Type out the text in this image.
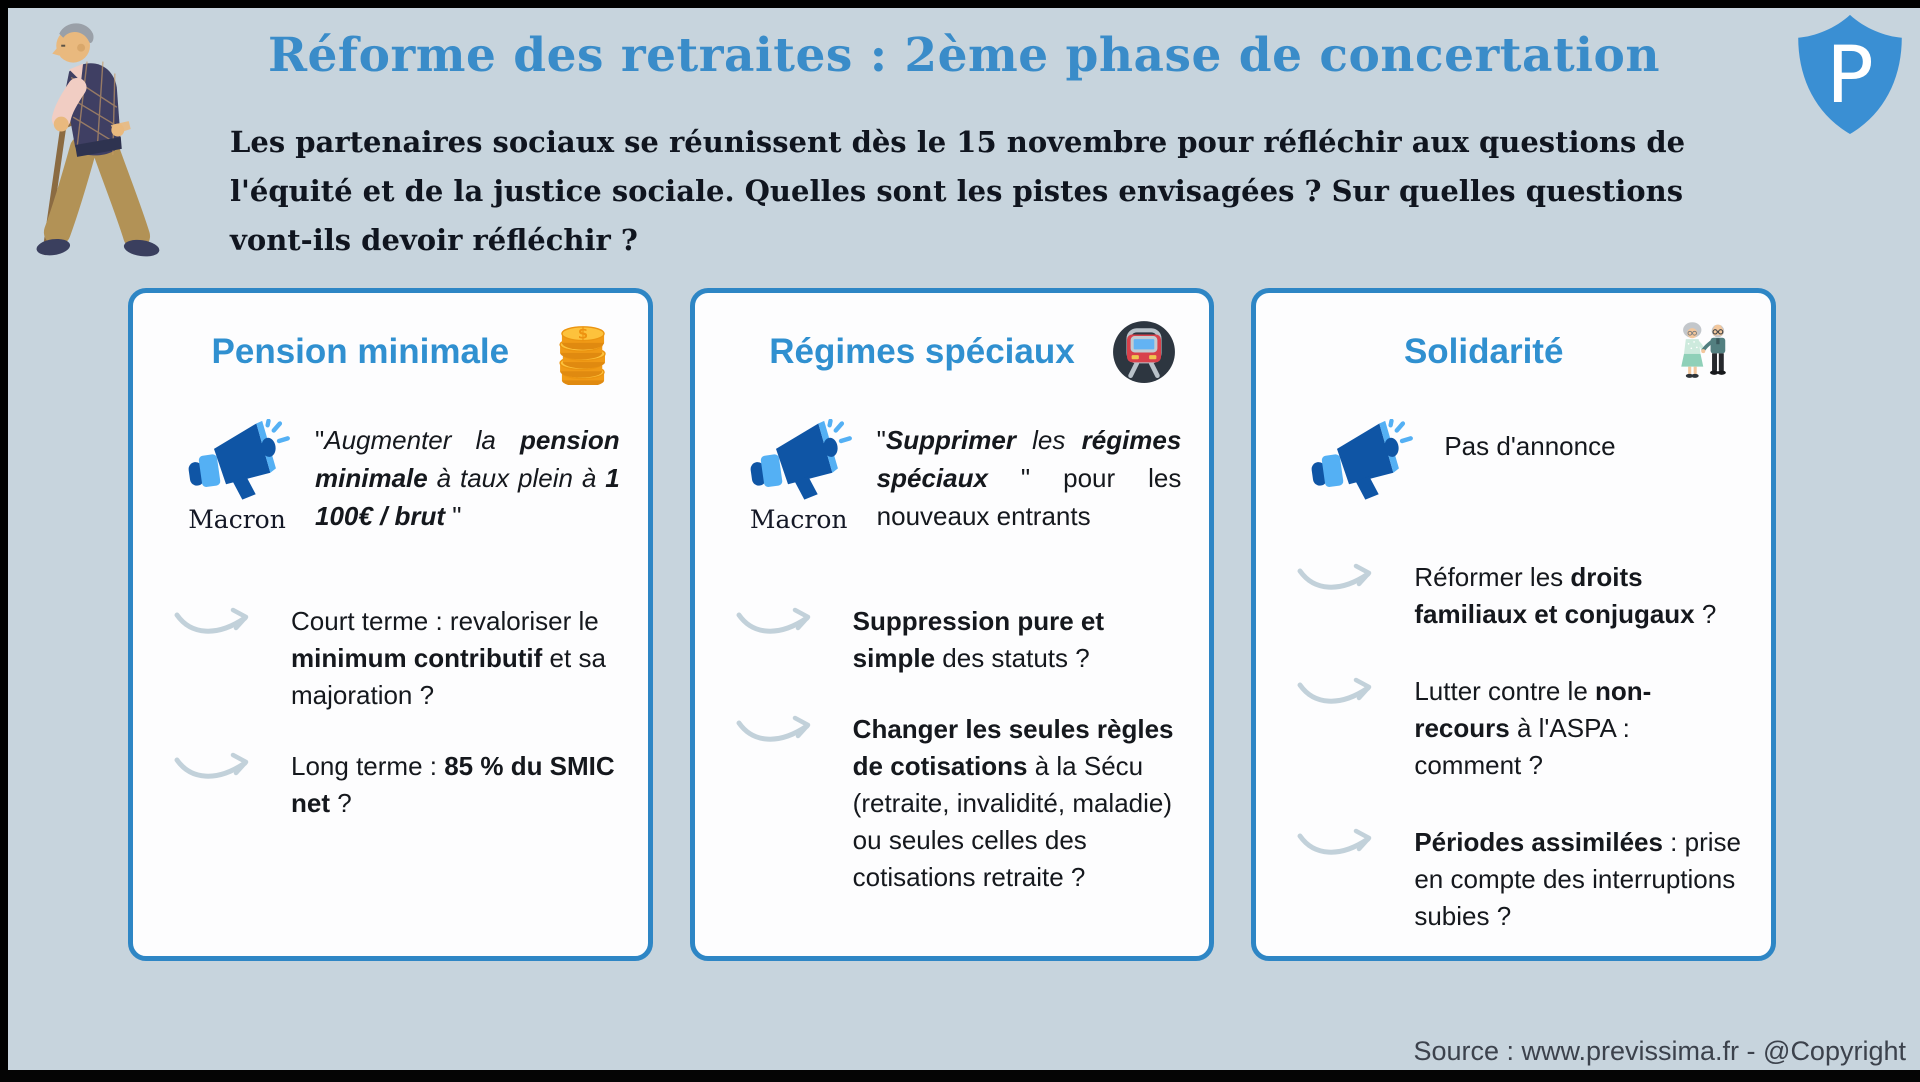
P
Réforme des retraites : 2ème phase de concertation

Les partenaires sociaux se réunissent dès le 15 novembre pour réfléchir aux questions de l'équité et de la justice sociale. Quelles sont les pistes envisagées ? Sur quelles questions vont-ils devoir réfléchir ?

Pension minimale	$
Macron

"Augmenter la pension minimale à taux plein à 1 100€ / brut "

Court terme : revaloriser le minimum contributif et sa majoration ?

Long terme : 85 % du SMIC net ?

Régimes spéciaux
Macron

"Supprimer les régimes spéciaux " pour les nouveaux entrants

Suppression pure et simple des statuts ?

Changer les seules règles de cotisations à la Sécu (retraite, invalidité, maladie) ou seules celles des cotisations retraite ?

Solidarité

Pas d'annonce

Réformer les droits familiaux et conjugaux ?

Lutter contre le non-recours à l'ASPA : comment ?

Périodes assimilées : prise en compte des interruptions subies ?

Source : www.previssima.fr - @Copyright
